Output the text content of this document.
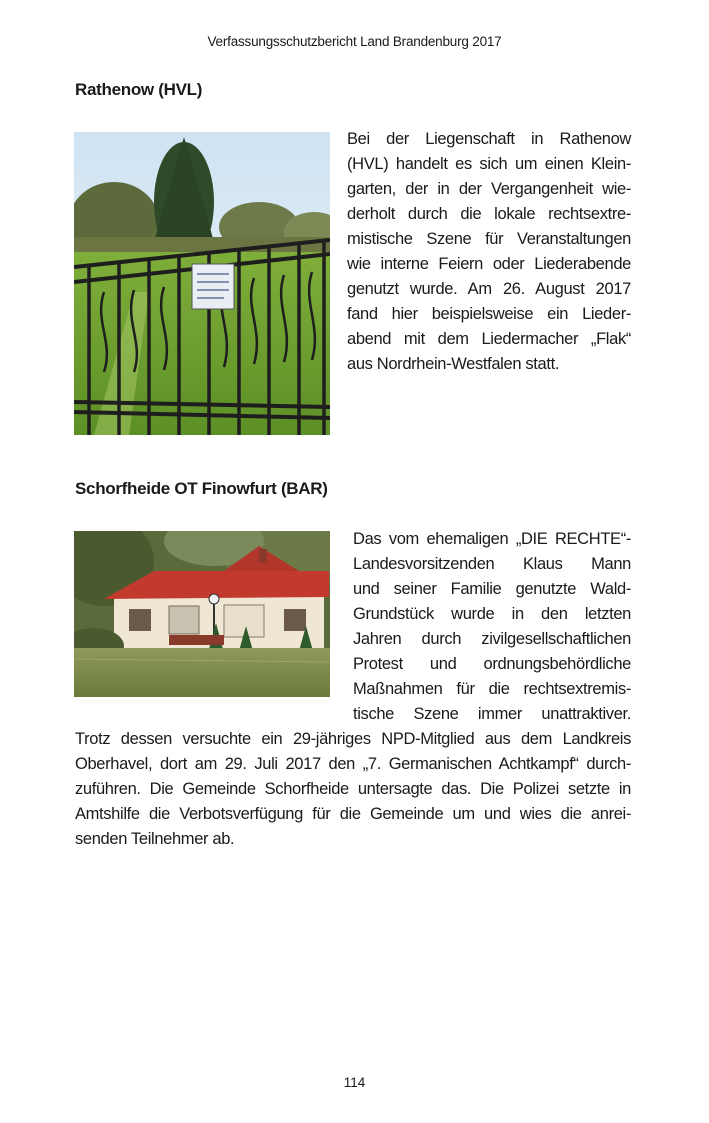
Verfassungsschutzbericht Land Brandenburg 2017
Rathenow (HVL)
Bei der Liegenschaft in Rathenow
(HVL) handelt es sich um einen Klein-
garten, der in der Vergangenheit wie-
derholt durch die lokale rechtsextre-
mistische Szene für Veranstaltungen
wie interne Feiern oder Liederabende
genutzt wurde. Am 26. August 2017
fand hier beispielsweise ein Lieder-
abend mit dem Liedermacher „Flak“
aus Nordrhein-Westfalen statt.
Schorfheide OT Finowfurt (BAR)
Das vom ehemaligen „DIE RECHTE“-
Landesvorsitzenden Klaus Mann
und seiner Familie genutzte Wald-
Grundstück wurde in den letzten
Jahren durch zivilgesellschaftlichen
Protest und ordnungsbehördliche
Maßnahmen für die rechtsextremis-
tische Szene immer unattraktiver.
Trotz dessen versuchte ein 29-jähriges NPD-Mitglied aus dem Landkreis
Oberhavel, dort am 29. Juli 2017 den „7. Germanischen Achtkampf“ durch-
zuführen. Die Gemeinde Schorfheide untersagte das. Die Polizei setzte in
Amtshilfe die Verbotsverfügung für die Gemeinde um und wies die anrei-
senden Teilnehmer ab.
114
